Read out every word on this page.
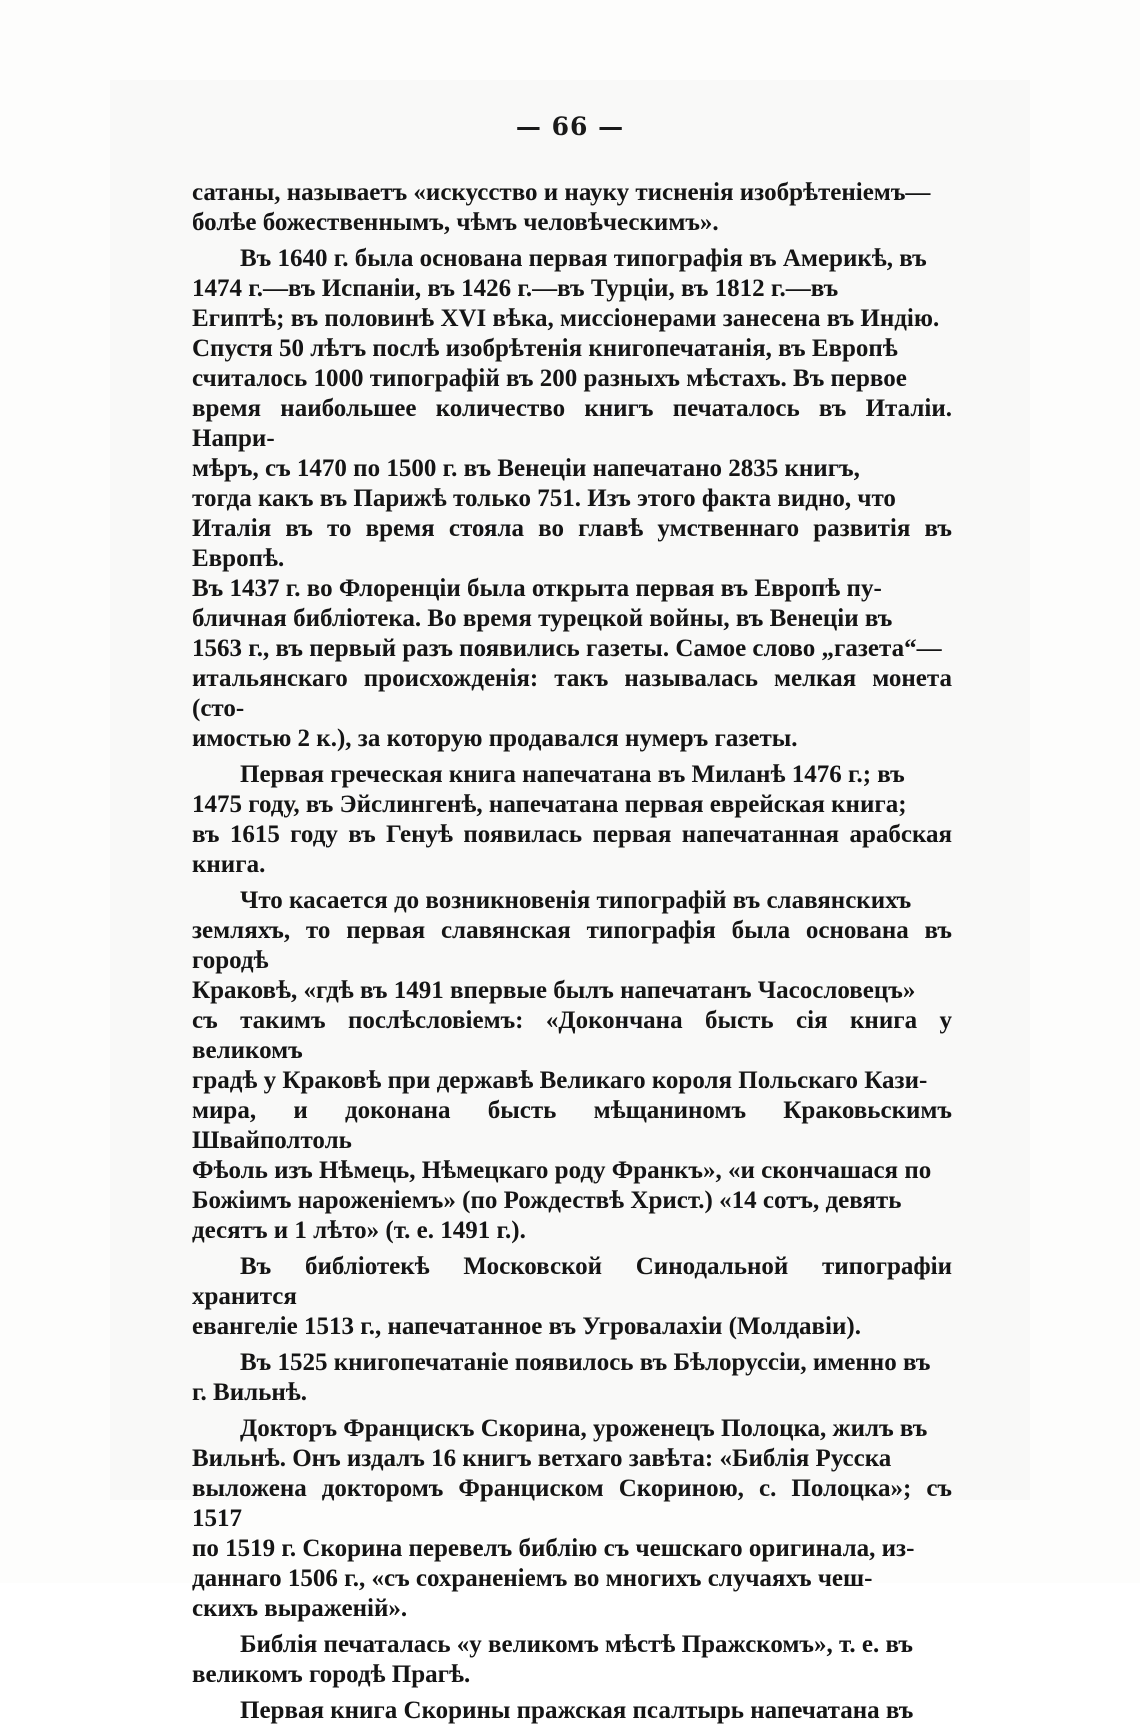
— 66 —

сатаны, называетъ «искусство и науку тисненія изобрѣтеніемъ—
болѣе божественнымъ, чѣмъ человѣческимъ».

Въ 1640 г. была основана первая типографія въ Америкѣ, въ
1474 г.—въ Испаніи, въ 1426 г.—въ Турціи, въ 1812 г.—въ
Египтѣ; въ половинѣ XVI вѣка, миссіонерами занесена въ Индію.
Спустя 50 лѣтъ послѣ изобрѣтенія книгопечатанія, въ Европѣ
считалось 1000 типографій въ 200 разныхъ мѣстахъ. Въ первое
время наибольшее количество книгъ печаталось въ Италіи. Напри-
мѣръ, съ 1470 по 1500 г. въ Венеціи напечатано 2835 книгъ,
тогда какъ въ Парижѣ только 751. Изъ этого факта видно, что
Италія въ то время стояла во главѣ умственнаго развитія въ Европѣ.
Въ 1437 г. во Флоренціи была открыта первая въ Европѣ пу-
бличная библіотека. Во время турецкой войны, въ Венеціи въ
1563 г., въ первый разъ появились газеты. Самое слово „газета“—
итальянскаго происхожденія: такъ называлась мелкая монета (сто-
имостью 2 к.), за которую продавался нумеръ газеты.

Первая греческая книга напечатана въ Миланѣ 1476 г.; въ
1475 году, въ Эйслингенѣ, напечатана первая еврейская книга;
въ 1615 году въ Генуѣ появилась первая напечатанная арабская книга.

Что касается до возникновенія типографій въ славянскихъ
земляхъ, то первая славянская типографія была основана въ городѣ
Краковѣ, «гдѣ въ 1491 впервые былъ напечатанъ Часословецъ»
съ такимъ послѣсловіемъ: «Докончана бысть сія книга у великомъ
градѣ у Краковѣ при державѣ Великаго короля Польскаго Кази-
мира, и доконана бысть мѣщаниномъ Краковьскимъ Швайполтоль
Фѣоль изъ Нѣмець, Нѣмецкаго роду Франкъ», «и скончашася по
Божіимъ нароженіемъ» (по Рождествѣ Христ.) «14 сотъ, девять
десятъ и 1 лѣто» (т. е. 1491 г.).

Въ библіотекѣ Московской Синодальной типографіи хранится
евангеліе 1513 г., напечатанное въ Угровалахіи (Молдавіи).

Въ 1525 книгопечатаніе появилось въ Бѣлоруссіи, именно въ
г. Вильнѣ.

Докторъ Францискъ Скорина, уроженецъ Полоцка, жилъ въ
Вильнѣ. Онъ издалъ 16 книгъ ветхаго завѣта: «Библія Русска
выложена докторомъ Франциском Скориною, с. Полоцка»; съ 1517
по 1519 г. Скорина перевелъ библію съ чешскаго оригинала, из-
даннаго 1506 г., «съ сохраненіемъ во многихъ случаяхъ чеш-
скихъ выраженій».

Библія печаталась «у великомъ мѣстѣ Пражскомъ», т. е. въ
великомъ городѣ Прагѣ.

Первая книга Скорины пражская псалтырь напечатана въ
